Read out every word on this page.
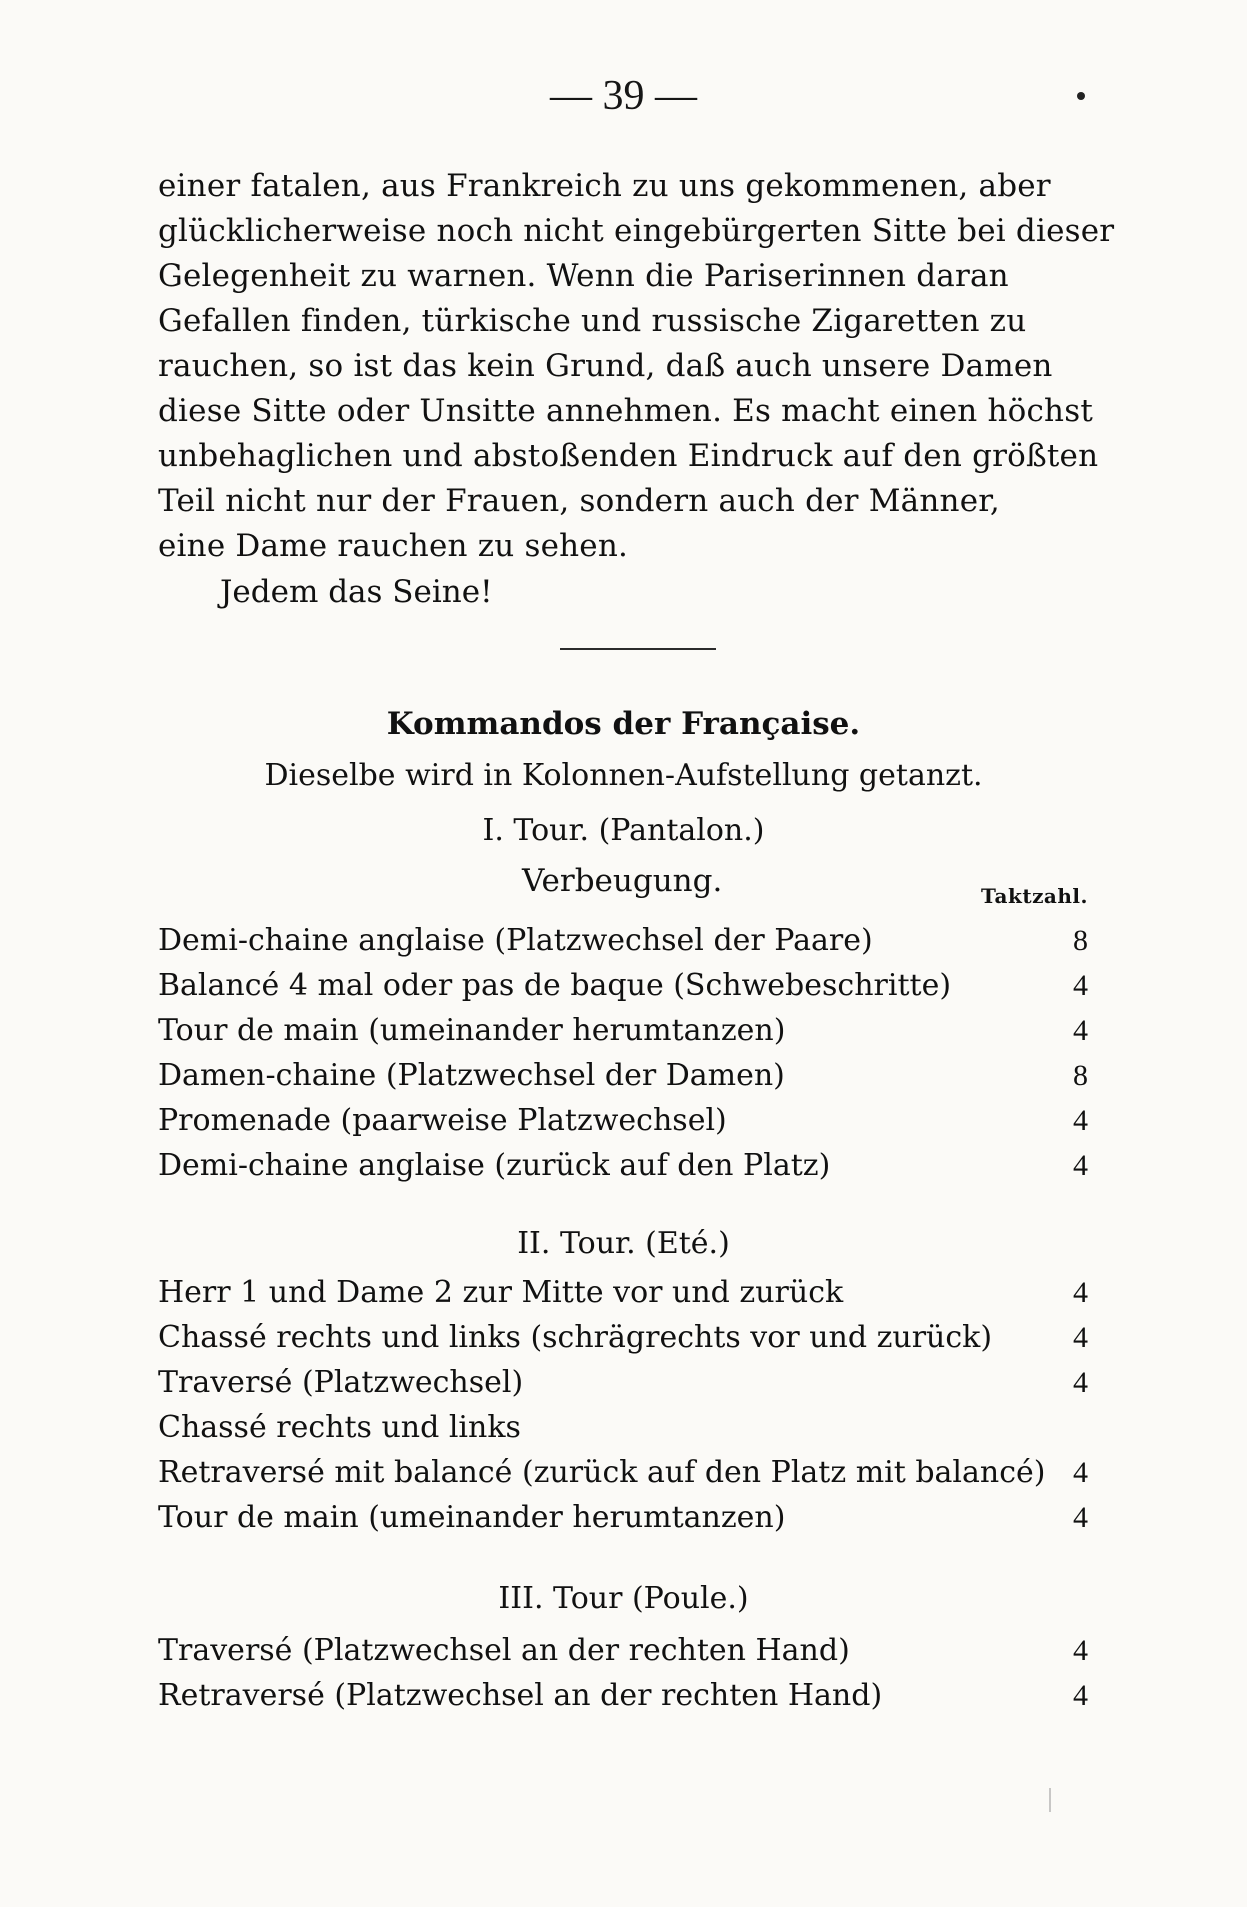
— 39 —
einer fatalen, aus Frankreich zu uns gekommenen, aber
glücklicherweise noch nicht eingebürgerten Sitte bei dieser
Gelegenheit zu warnen. Wenn die Pariserinnen daran
Gefallen finden, türkische und russische Zigaretten zu
rauchen, so ist das kein Grund, daß auch unsere Damen
diese Sitte oder Unsitte annehmen. Es macht einen höchst
unbehaglichen und abstoßenden Eindruck auf den größten
Teil nicht nur der Frauen, sondern auch der Männer,
eine Dame rauchen zu sehen.
Jedem das Seine!
Kommandos der Française.
Dieselbe wird in Kolonnen-Aufstellung getanzt.
I. Tour. (Pantalon.)
Verbeugung.	Taktzahl.
Demi-chaine anglaise (Platzwechsel der Paare)	8
Balancé 4 mal oder pas de baque (Schwebeschritte)	4
Tour de main (umeinander herumtanzen)	4
Damen-chaine (Platzwechsel der Damen)	8
Promenade (paarweise Platzwechsel)	4
Demi-chaine anglaise (zurück auf den Platz)	4
II. Tour. (Eté.)
Herr 1 und Dame 2 zur Mitte vor und zurück	4
Chassé rechts und links (schrägrechts vor und zurück)	4
Traversé (Platzwechsel)	4
Chassé rechts und links
Retraversé mit balancé (zurück auf den Platz mit balancé) 4
Tour de main (umeinander herumtanzen)	4
III. Tour (Poule.)
Traversé (Platzwechsel an der rechten Hand)	4
Retraversé (Platzwechsel an der rechten Hand)	4
